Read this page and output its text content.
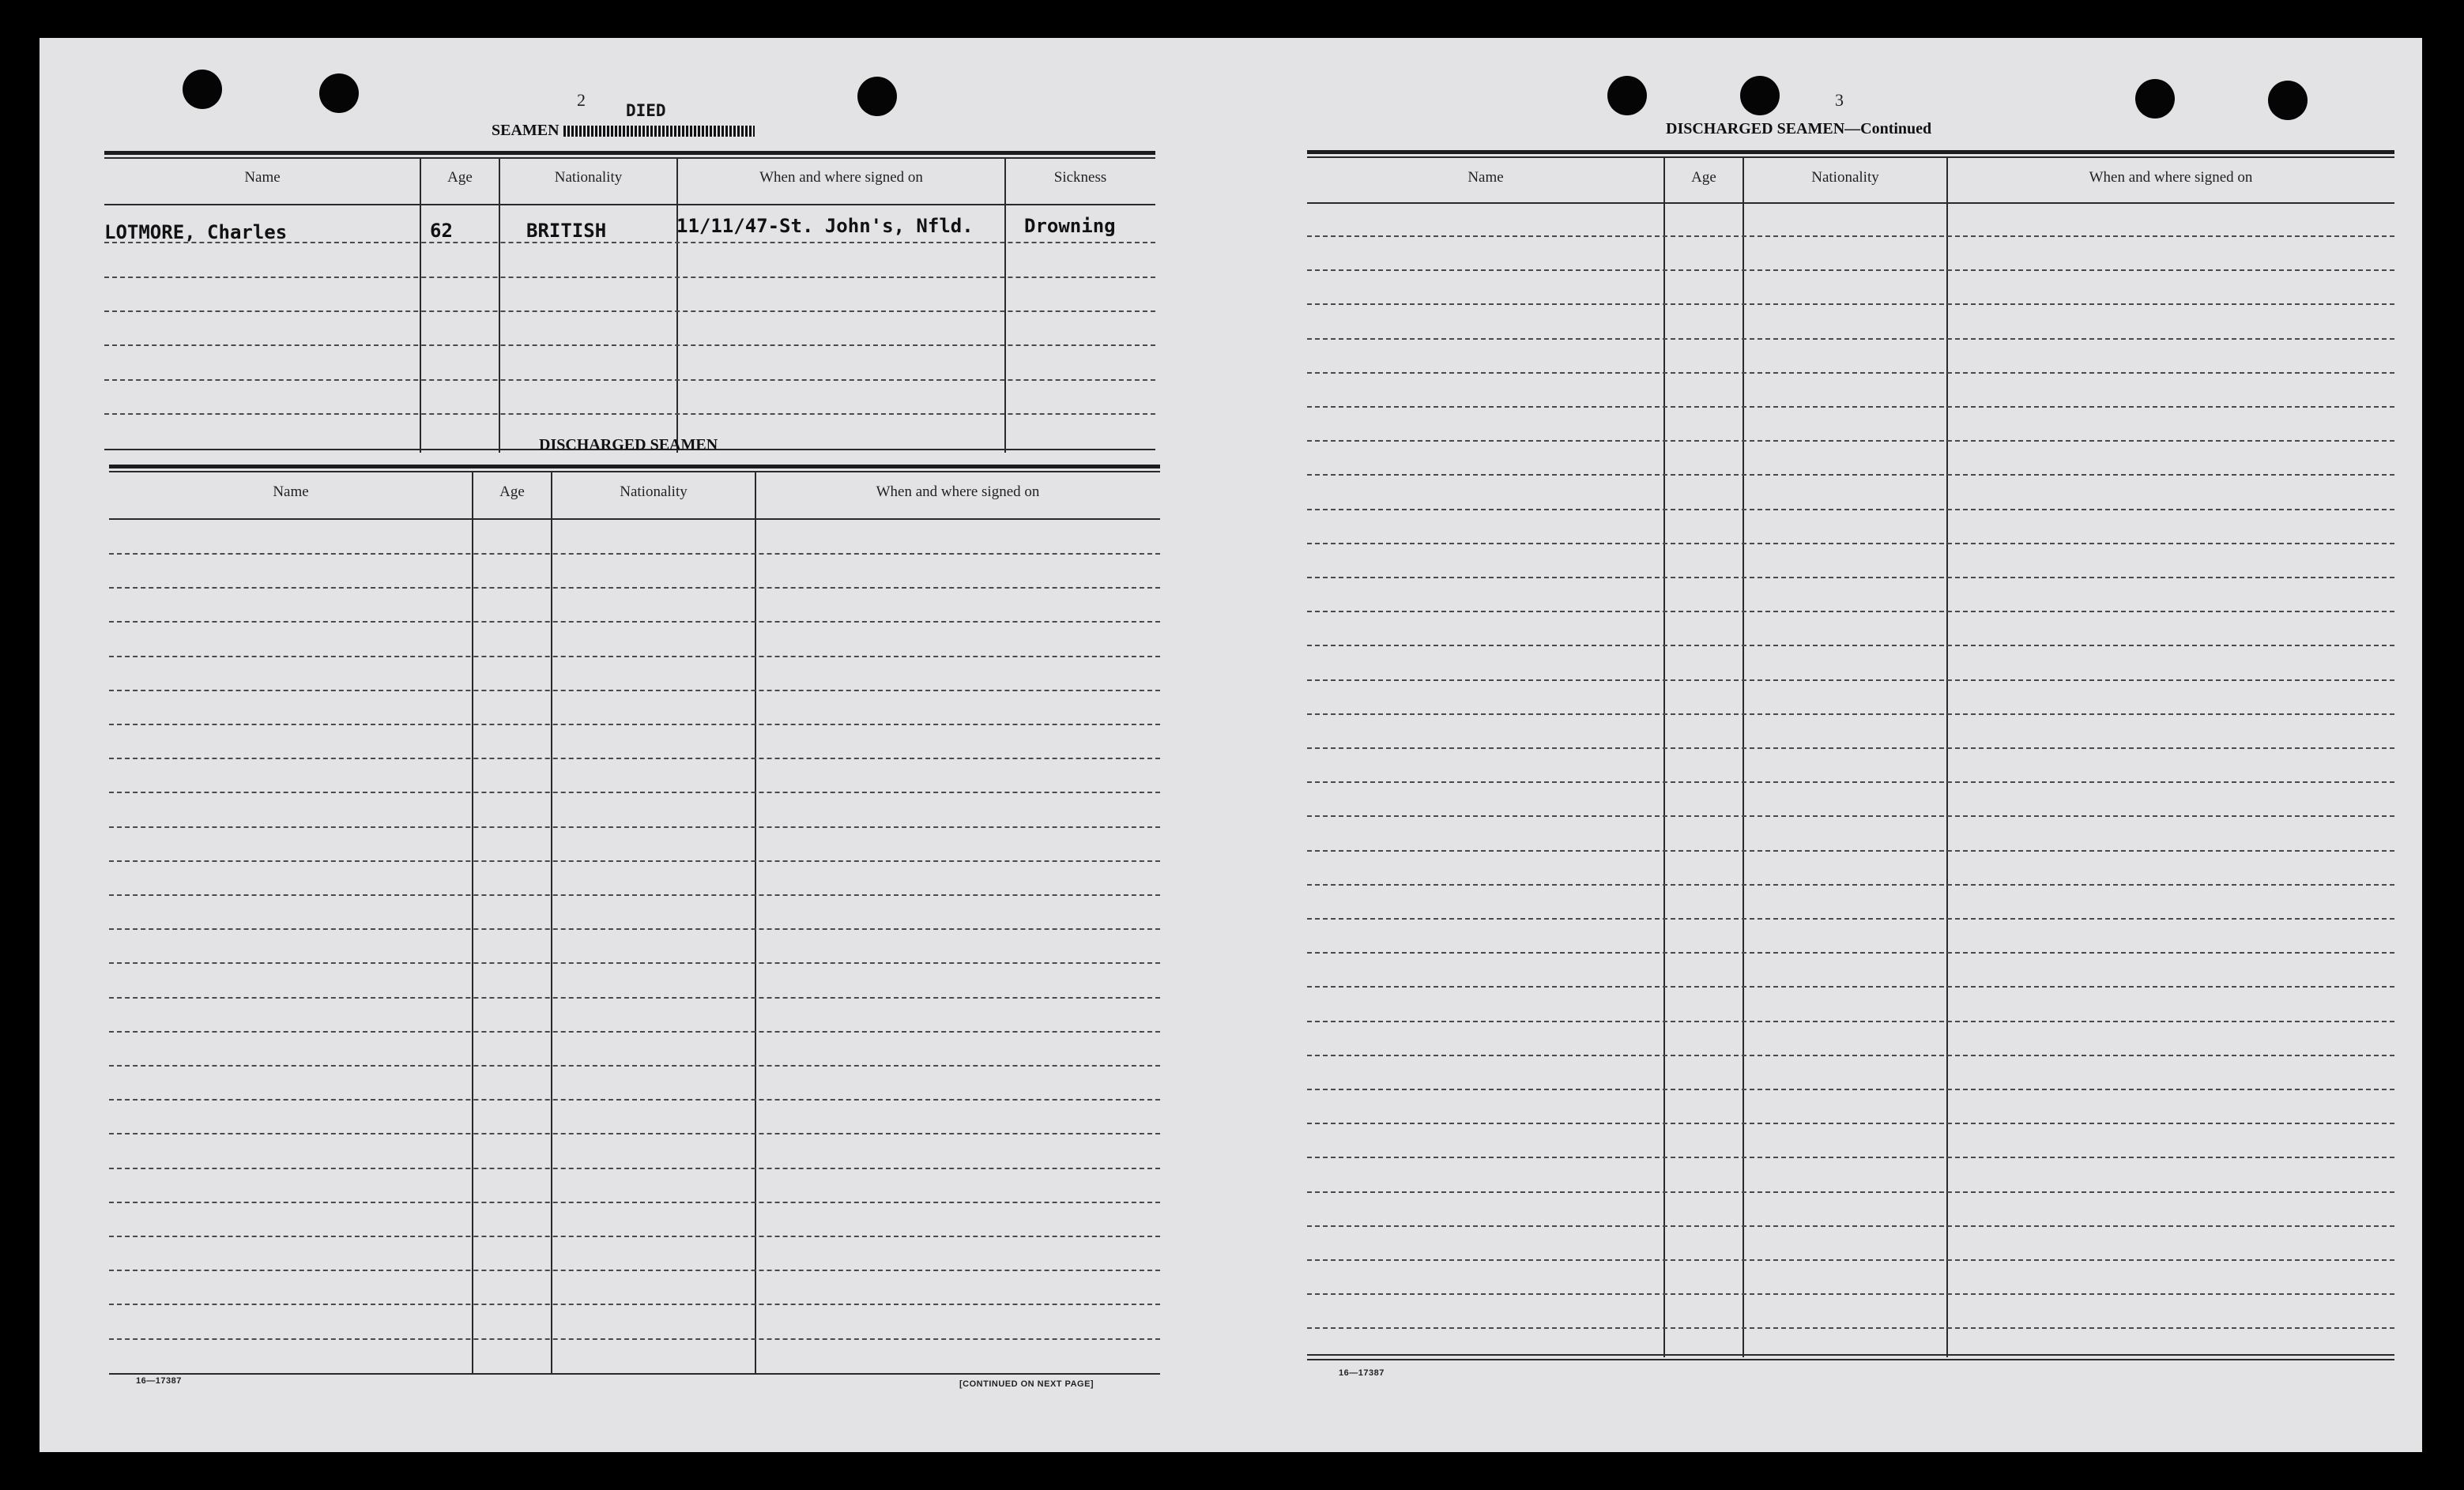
2
SEAMEN
DIED
Name	Age	Nationality	When and where signed on	Sickness
LOTMORE, Charles	62	BRITISH	11/11/47-St. John's, Nfld.	Drowning
DISCHARGED SEAMEN
Name	Age	Nationality	When and where signed on
16—17387	[CONTINUED ON NEXT PAGE]
3
DISCHARGED SEAMEN—Continued
Name	Age	Nationality	When and where signed on
16—17387
